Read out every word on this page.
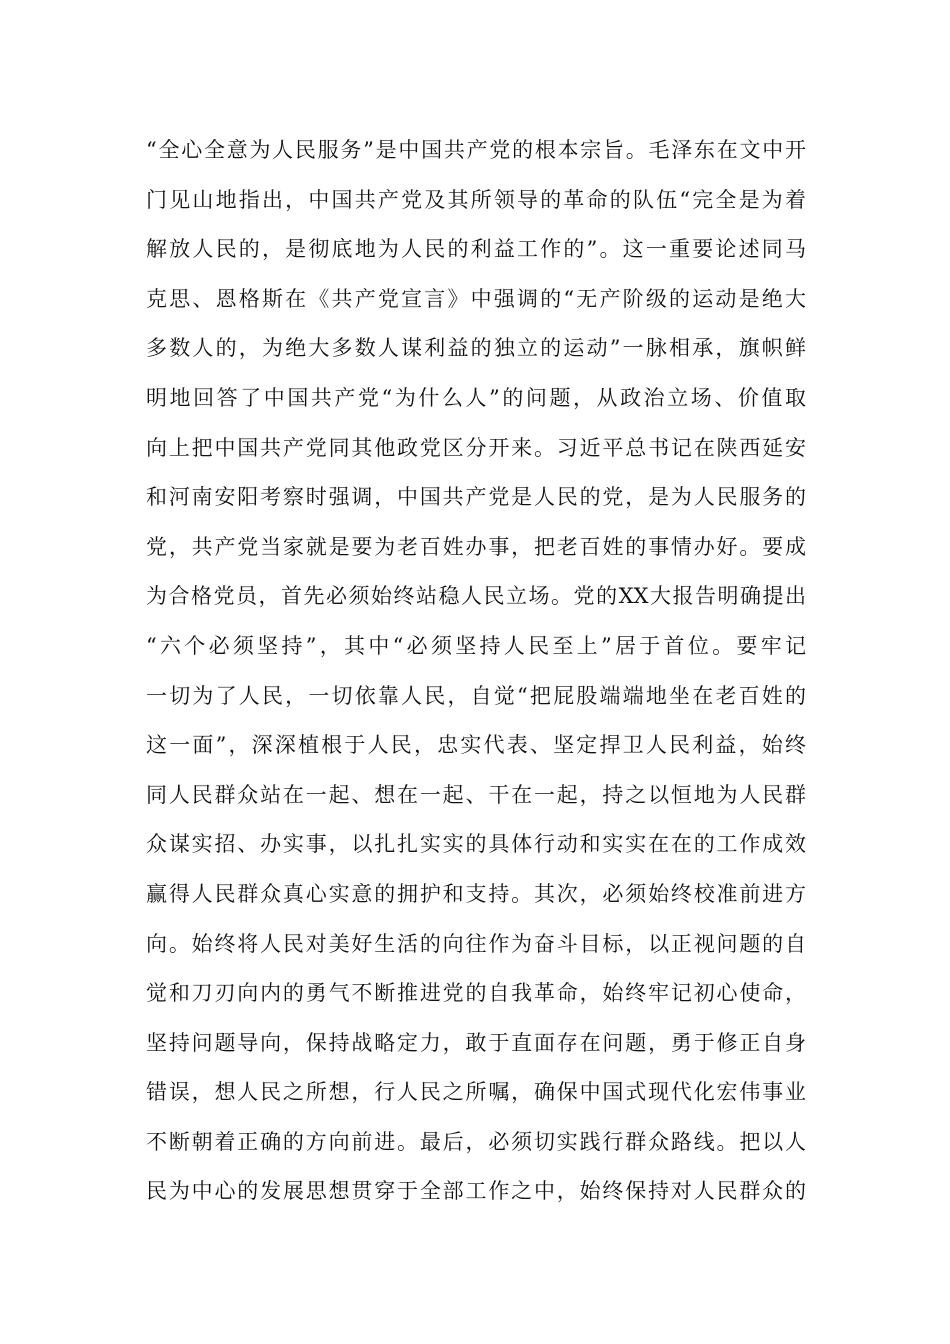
“全心全意为人民服务”是中国共产党的根本宗旨。毛泽东在文中开
门见山地指出，中国共产党及其所领导的革命的队伍“完全是为着
解放人民的，是彻底地为人民的利益工作的”。这一重要论述同马
克思、恩格斯在《共产党宣言》中强调的“无产阶级的运动是绝大
多数人的，为绝大多数人谋利益的独立的运动”一脉相承，旗帜鲜
明地回答了中国共产党“为什么人”的问题，从政治立场、价值取
向上把中国共产党同其他政党区分开来。习近平总书记在陕西延安
和河南安阳考察时强调，中国共产党是人民的党，是为人民服务的
党，共产党当家就是要为老百姓办事，把老百姓的事情办好。要成
为合格党员，首先必须始终站稳人民立场。党的XX大报告明确提出
“六个必须坚持”，其中“必须坚持人民至上”居于首位。要牢记
一切为了人民，一切依靠人民，自觉“把屁股端端地坐在老百姓的
这一面”，深深植根于人民，忠实代表、坚定捍卫人民利益，始终
同人民群众站在一起、想在一起、干在一起，持之以恒地为人民群
众谋实招、办实事，以扎扎实实的具体行动和实实在在的工作成效
赢得人民群众真心实意的拥护和支持。其次，必须始终校准前进方
向。始终将人民对美好生活的向往作为奋斗目标，以正视问题的自
觉和刀刃向内的勇气不断推进党的自我革命，始终牢记初心使命，
坚持问题导向，保持战略定力，敢于直面存在问题，勇于修正自身
错误，想人民之所想，行人民之所嘱，确保中国式现代化宏伟事业
不断朝着正确的方向前进。最后，必须切实践行群众路线。把以人
民为中心的发展思想贯穿于全部工作之中，始终保持对人民群众的
